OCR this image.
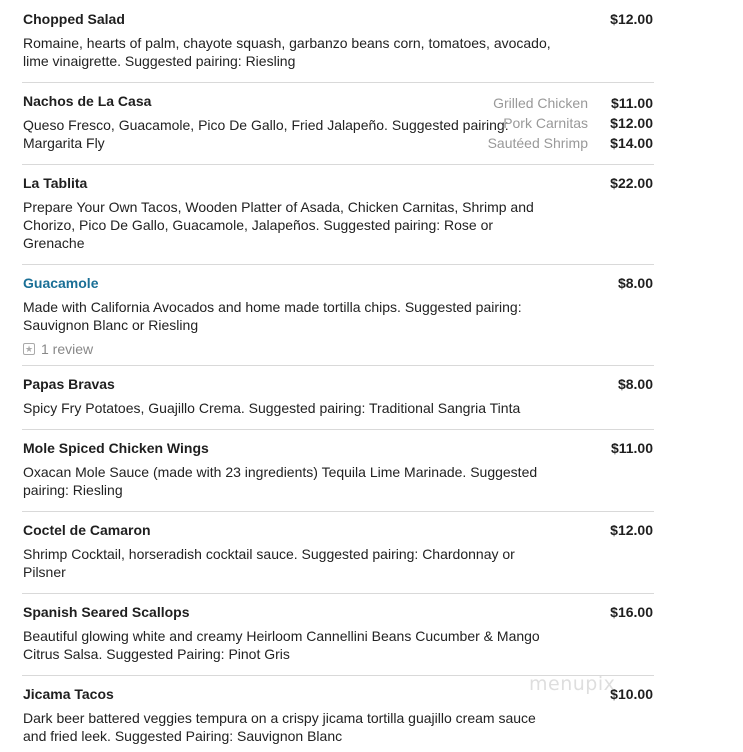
Chopped Salad
Romaine, hearts of palm, chayote squash, garbanzo beans corn, tomatoes, avocado, lime vinaigrette. Suggested pairing: Riesling
$12.00
Nachos de La Casa
Queso Fresco, Guacamole, Pico De Gallo, Fried Jalapeño. Suggested pairing: Margarita Fly
Grilled Chicken $11.00
Pork Carnitas $12.00
Sautéed Shrimp $14.00
La Tablita
Prepare Your Own Tacos, Wooden Platter of Asada, Chicken Carnitas, Shrimp and Chorizo, Pico De Gallo, Guacamole, Jalapeños. Suggested pairing: Rose or Grenache
$22.00
Guacamole
Made with California Avocados and home made tortilla chips. Suggested pairing: Sauvignon Blanc or Riesling
$8.00
★ 1 review
Papas Bravas
Spicy Fry Potatoes, Guajillo Crema. Suggested pairing: Traditional Sangria Tinta
$8.00
Mole Spiced Chicken Wings
Oxacan Mole Sauce (made with 23 ingredients) Tequila Lime Marinade. Suggested pairing: Riesling
$11.00
Coctel de Camaron
Shrimp Cocktail, horseradish cocktail sauce. Suggested pairing: Chardonnay or Pilsner
$12.00
Spanish Seared Scallops
Beautiful glowing white and creamy Heirloom Cannellini Beans Cucumber & Mango Citrus Salsa. Suggested Pairing: Pinot Gris
$16.00
Jicama Tacos
Dark beer battered veggies tempura on a crispy jicama tortilla guajillo cream sauce and fried leek. Suggested Pairing: Sauvignon Blanc
$10.00
menupix
